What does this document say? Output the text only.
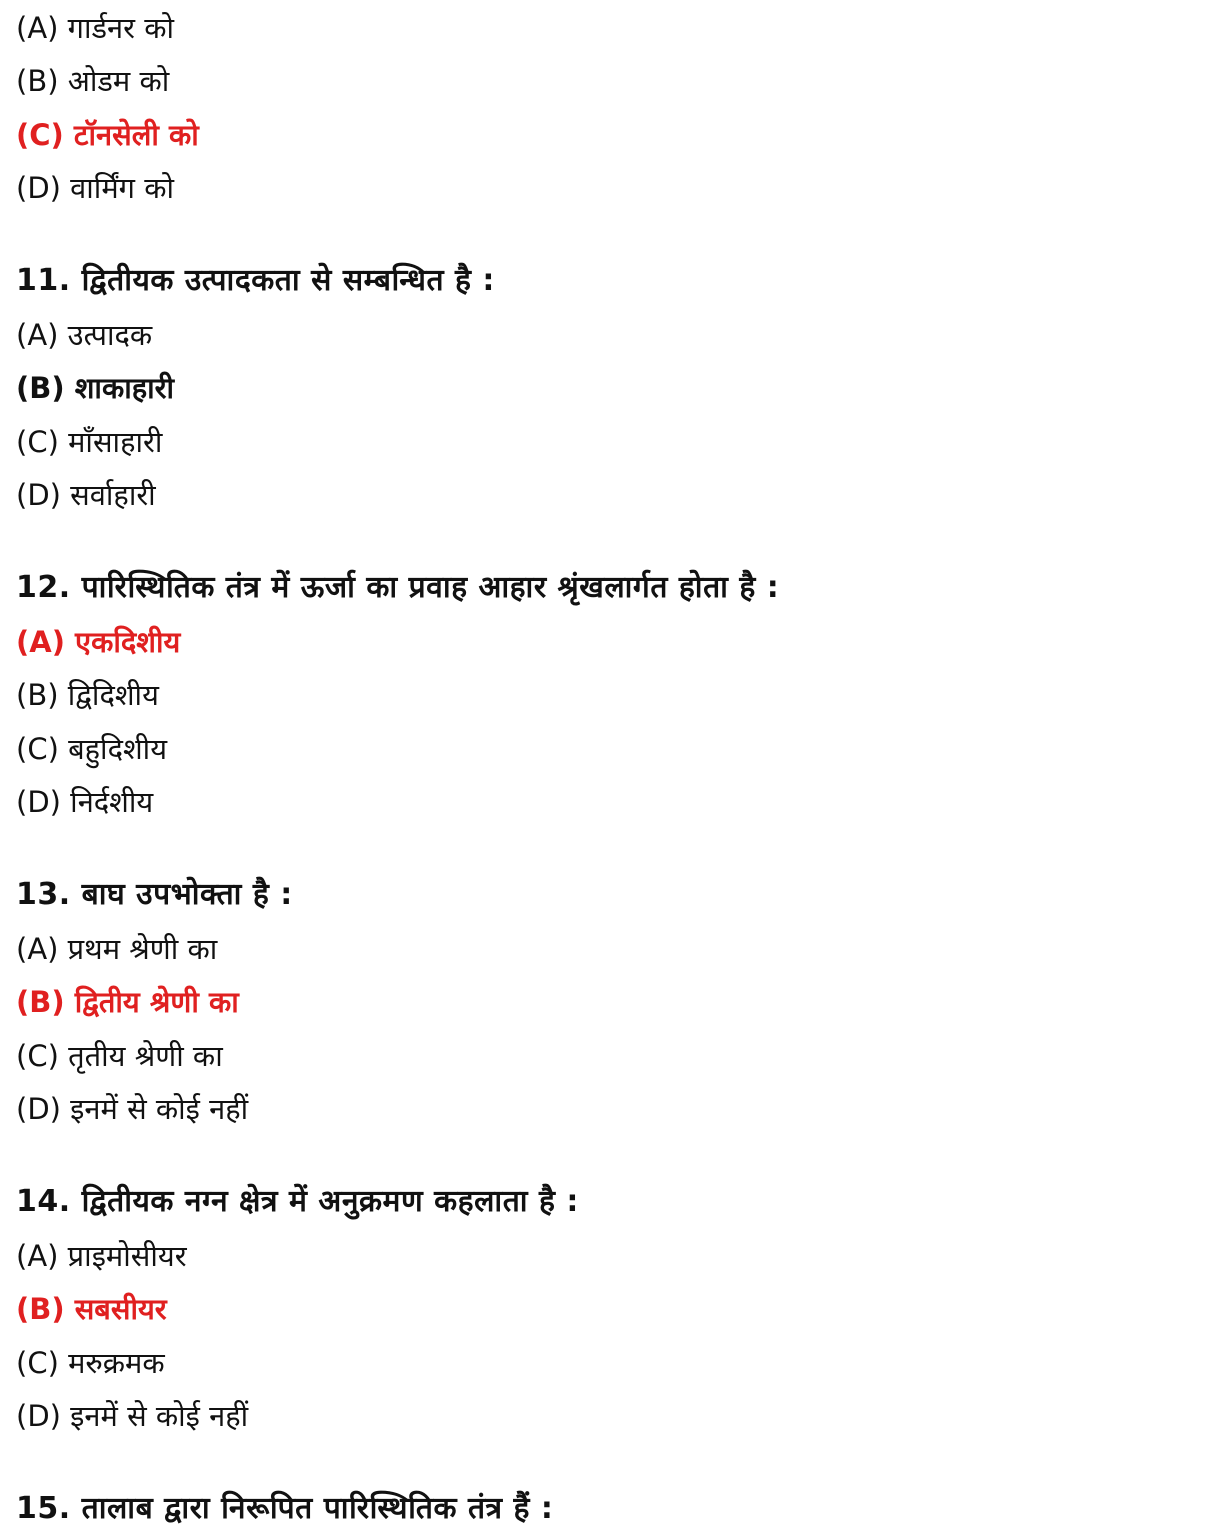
(A) गार्डनर को
(B) ओडम को
(C) टॉनसेली को
(D) वार्मिंग को
11. द्वितीयक उत्पादकता से सम्बन्धित है :
(A) उत्पादक
(B) शाकाहारी
(C) माँसाहारी
(D) सर्वाहारी
12. पारिस्थितिक तंत्र में ऊर्जा का प्रवाह आहार श्रृंखलार्गत होता है :
(A) एकदिशीय
(B) द्विदिशीय
(C) बहुदिशीय
(D) निर्दशीय
13. बाघ उपभोक्ता है :
(A) प्रथम श्रेणी का
(B) द्वितीय श्रेणी का
(C) तृतीय श्रेणी का
(D) इनमें से कोई नहीं
14. द्वितीयक नग्न क्षेत्र में अनुक्रमण कहलाता है :
(A) प्राइमोसीयर
(B) सबसीयर
(C) मरुक्रमक
(D) इनमें से कोई नहीं
15. तालाब द्वारा निरूपित पारिस्थितिक तंत्र हैं :
